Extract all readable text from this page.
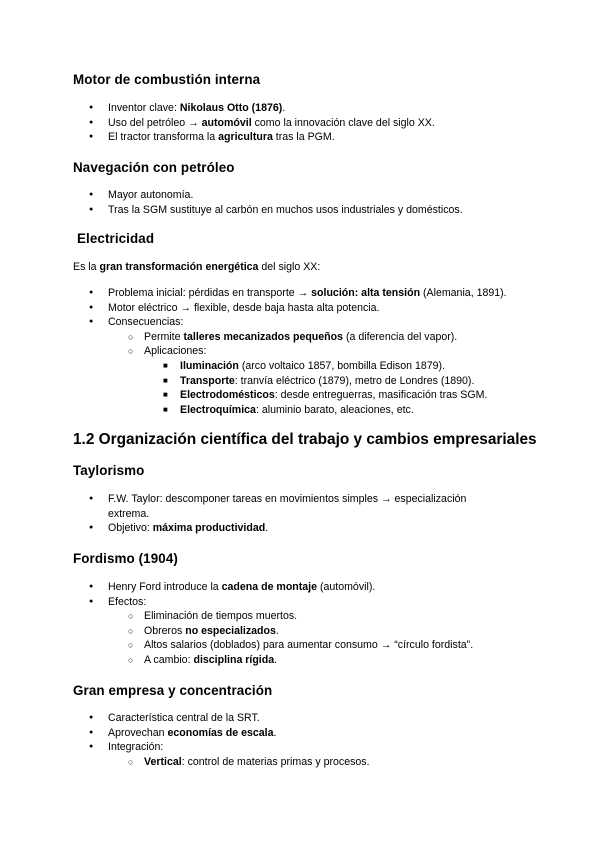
Motor de combustión interna
● Inventor clave: Nikolaus Otto (1876).
● Uso del petróleo → automóvil como la innovación clave del siglo XX.
● El tractor transforma la agricultura tras la PGM.
Navegación con petróleo
● Mayor autonomía.
● Tras la SGM sustituye al carbón en muchos usos industriales y domésticos.
Electricidad

Es la gran transformación energética del siglo XX:

● Problema inicial: pérdidas en transporte → solución: alta tensión (Alemania, 1891).
● Motor eléctrico → flexible, desde baja hasta alta potencia.
● Consecuencias:
○ Permite talleres mecanizados pequeños (a diferencia del vapor).
○ Aplicaciones:
■ Iluminación (arco voltaico 1857, bombilla Edison 1879).
■ Transporte: tranvía eléctrico (1879), metro de Londres (1890).
■ Electrodomésticos: desde entreguerras, masificación tras SGM.
■ Electroquímica: aluminio barato, aleaciones, etc.
1.2 Organización científica del trabajo y cambios empresariales
Taylorismo
● F.W. Taylor: descomponer tareas en movimientos simples → especialización extrema.
● Objetivo: máxima productividad.
Fordismo (1904)
● Henry Ford introduce la cadena de montaje (automóvil).
● Efectos:
○ Eliminación de tiempos muertos.
○ Obreros no especializados.
○ Altos salarios (doblados) para aumentar consumo → “círculo fordista”.
○ A cambio: disciplina rígida.
Gran empresa y concentración
● Característica central de la SRT.
● Aprovechan economías de escala.
● Integración:
○ Vertical: control de materias primas y procesos.
